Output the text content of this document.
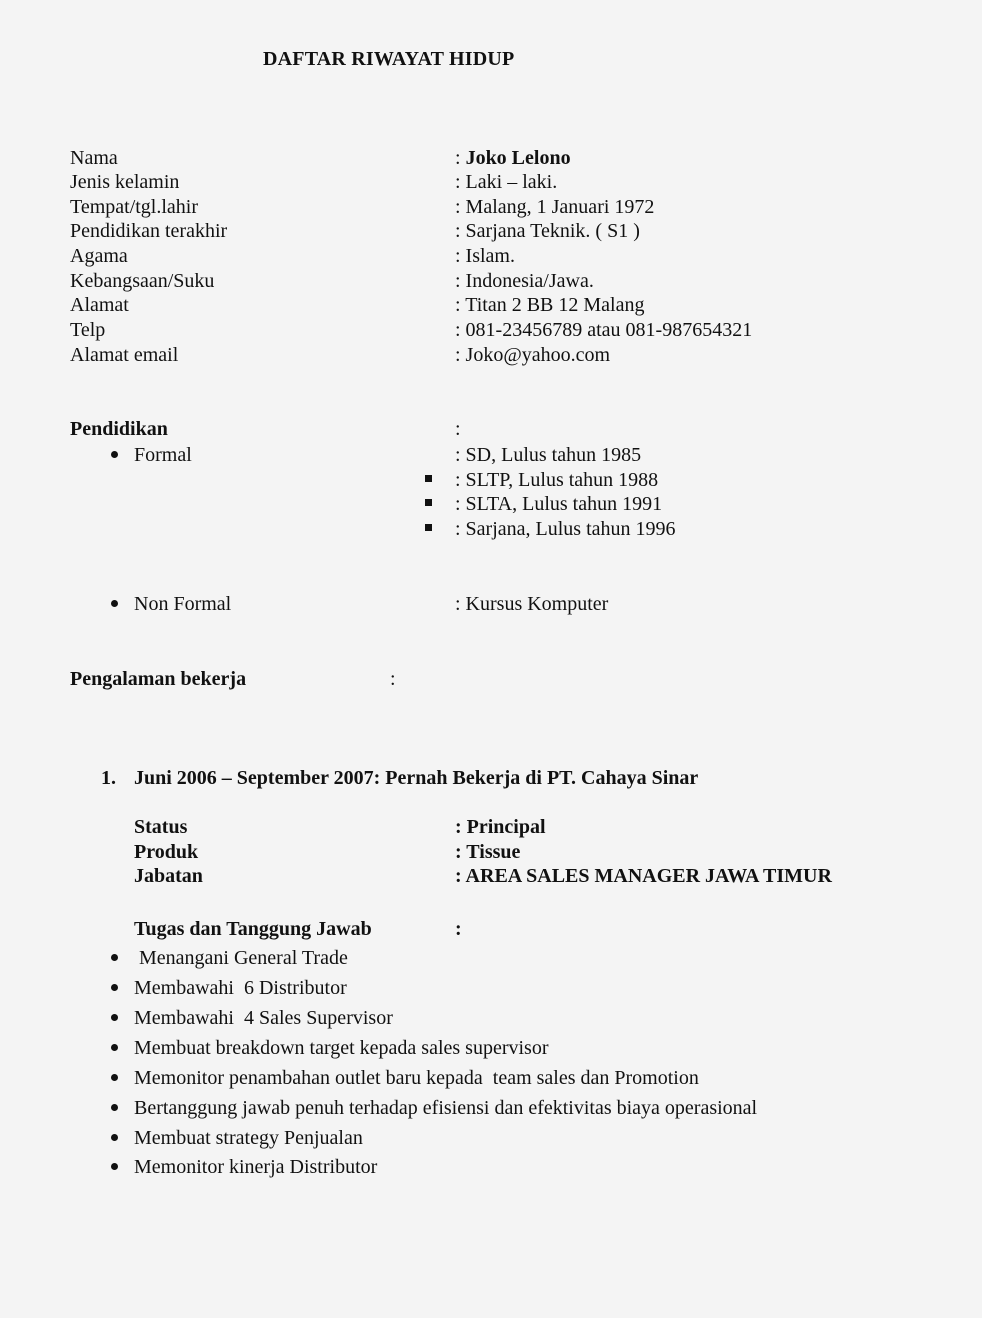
DAFTAR RIWAYAT HIDUP
Nama	: Joko Lelono
Jenis kelamin	: Laki – laki.
Tempat/tgl.lahir	: Malang, 1 Januari 1972
Pendidikan terakhir	: Sarjana Teknik. ( S1 )
Agama	: Islam.
Kebangsaan/Suku	: Indonesia/Jawa.
Alamat	: Titan 2 BB 12 Malang
Telp	: 081-23456789 atau 081-987654321
Alamat email	: Joko@yahoo.com
Pendidikan	:
Formal	: SD, Lulus tahun 1985
: SLTP, Lulus tahun 1988
: SLTA, Lulus tahun 1991
: Sarjana, Lulus tahun 1996
Non Formal	: Kursus Komputer
Pengalaman bekerja	:
1. Juni 2006 – September 2007: Pernah Bekerja di PT. Cahaya Sinar
Status	: Principal
Produk	: Tissue
Jabatan	: AREA SALES MANAGER JAWA TIMUR
Tugas dan Tanggung Jawab	:
Menangani General Trade
Membawahi  6 Distributor
Membawahi  4 Sales Supervisor
Membuat breakdown target kepada sales supervisor
Memonitor penambahan outlet baru kepada  team sales dan Promotion
Bertanggung jawab penuh terhadap efisiensi dan efektivitas biaya operasional
Membuat strategy Penjualan
Memonitor kinerja Distributor
